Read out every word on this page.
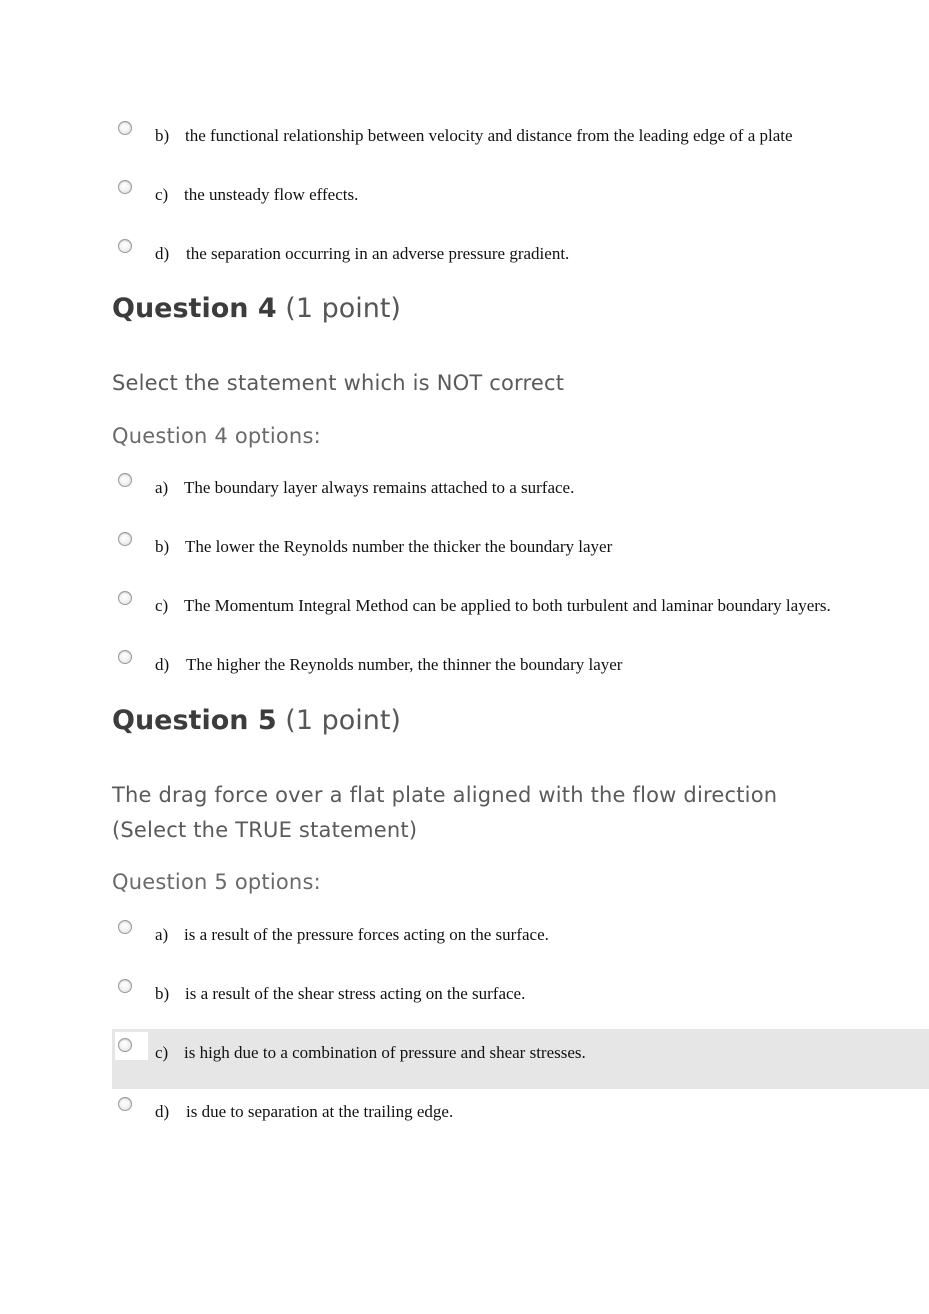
b) the functional relationship between velocity and distance from the leading edge of a plate
c) the unsteady flow effects.
d) the separation occurring in an adverse pressure gradient.
Question 4 (1 point)
Select the statement which is NOT correct
Question 4 options:
a) The boundary layer always remains attached to a surface.
b) The lower the Reynolds number the thicker the boundary layer
c) The Momentum Integral Method can be applied to both turbulent and laminar boundary layers.
d) The higher the Reynolds number, the thinner the boundary layer
Question 5 (1 point)
The drag force over a flat plate aligned with the flow direction
(Select the TRUE statement)
Question 5 options:
a) is a result of the pressure forces acting on the surface.
b) is a result of the shear stress acting on the surface.
c) is high due to a combination of pressure and shear stresses.
d) is due to separation at the trailing edge.
